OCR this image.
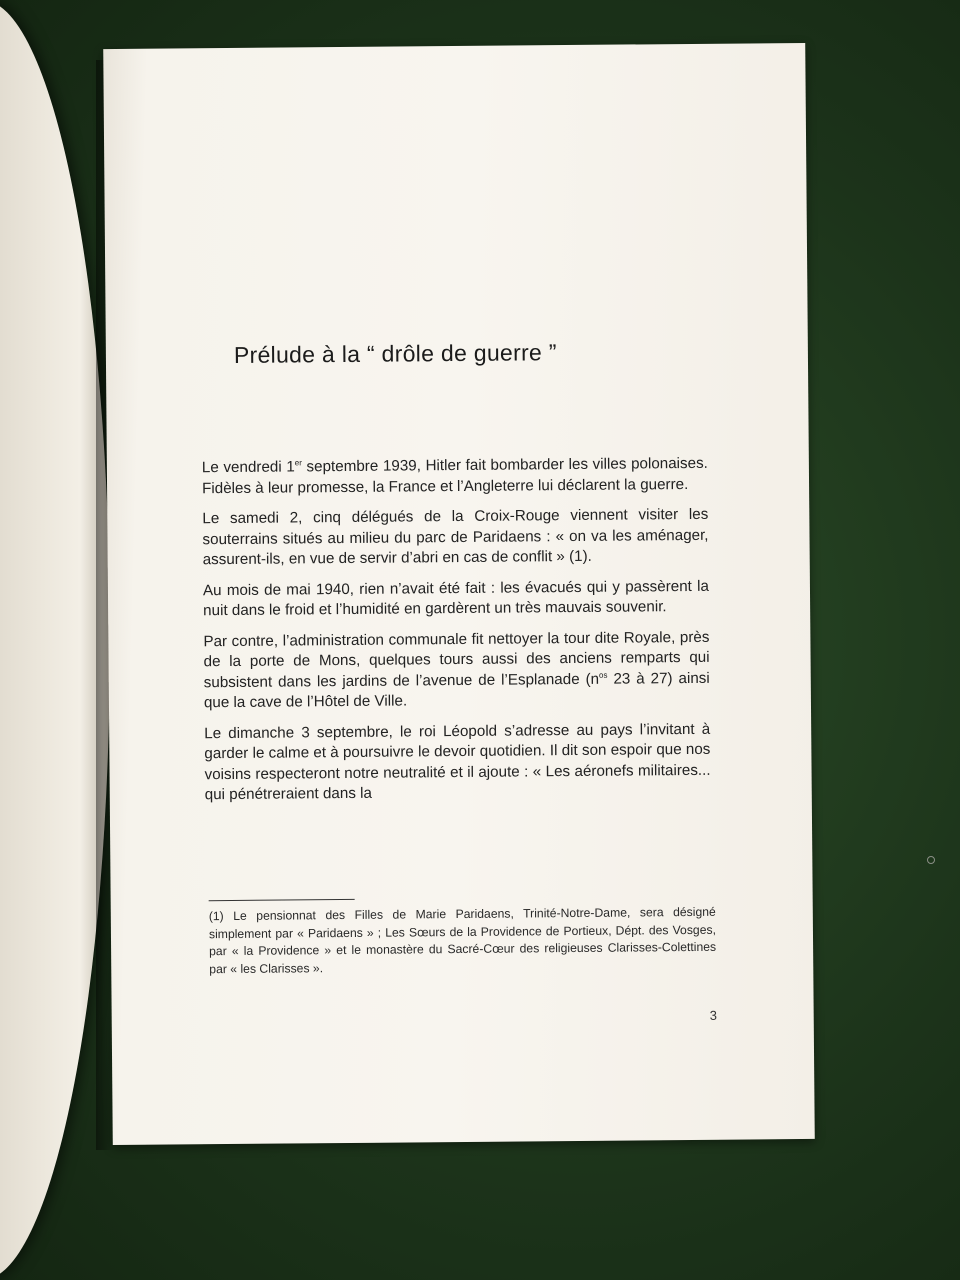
Prélude à la “ drôle de guerre ”

Le vendredi 1er septembre 1939, Hitler fait bombarder les villes polonaises. Fidèles à leur promesse, la France et l’Angleterre lui déclarent la guerre.

Le samedi 2, cinq délégués de la Croix-Rouge viennent visiter les souterrains situés au milieu du parc de Paridaens : « on va les aménager, assurent-ils, en vue de servir d’abri en cas de conflit » (1).

Au mois de mai 1940, rien n’avait été fait : les évacués qui y passèrent la nuit dans le froid et l’humidité en gardèrent un très mauvais souvenir.

Par contre, l’administration communale fit nettoyer la tour dite Royale, près de la porte de Mons, quelques tours aussi des anciens remparts qui subsistent dans les jardins de l’avenue de l’Esplanade ($n^{os}$ 23 à 27) ainsi que la cave de l’Hôtel de Ville.

Le dimanche 3 septembre, le roi Léopold s’adresse au pays l’invitant à garder le calme et à poursuivre le devoir quotidien. Il dit son espoir que nos voisins respecteront notre neutralité et il ajoute : « Les aéronefs militaires... qui pénétreraient dans la

(1) Le pensionnat des Filles de Marie Paridaens, Trinité-Notre-Dame, sera désigné simplement par « Paridaens » ; Les Sœurs de la Providence de Portieux, Dépt. des Vosges, par « la Providence » et le monastère du Sacré-Cœur des religieuses Clarisses-Colettines par « les Clarisses ».
3
